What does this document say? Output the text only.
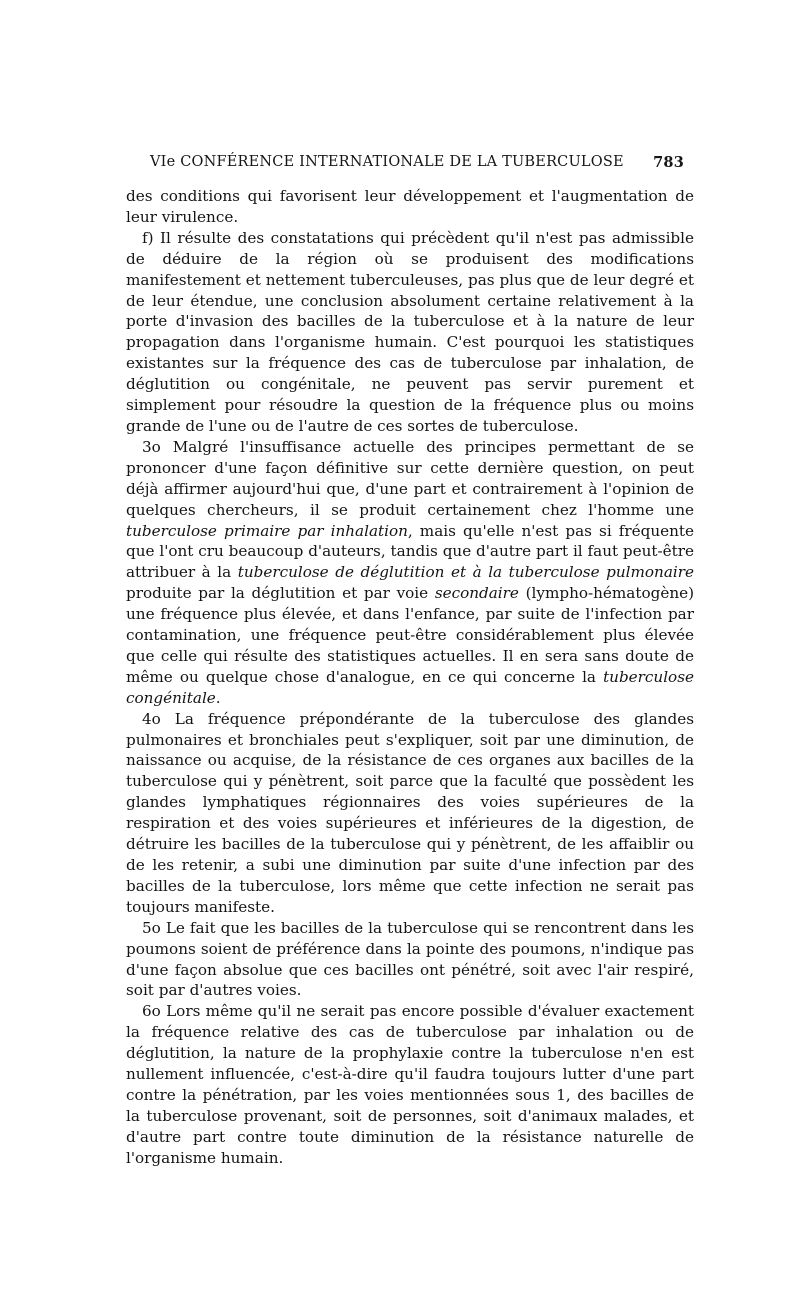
VIe CONFÉRENCE INTERNATIONALE DE LA TUBERCULOSE 783

des conditions qui favorisent leur développement et l'augmentation de leur virulence.

f) Il résulte des constatations qui précèdent qu'il n'est pas admissible de déduire de la région où se produisent des modifications manifestement et nettement tuberculeuses, pas plus que de leur degré et de leur étendue, une conclusion absolument certaine relativement à la porte d'invasion des bacilles de la tuberculose et à la nature de leur propagation dans l'organisme humain. C'est pourquoi les statistiques existantes sur la fréquence des cas de tuberculose par inhalation, de déglutition ou congénitale, ne peuvent pas servir purement et simplement pour résoudre la question de la fréquence plus ou moins grande de l'une ou de l'autre de ces sortes de tuberculose.

3o Malgré l'insuffisance actuelle des principes permettant de se prononcer d'une façon définitive sur cette dernière question, on peut déjà affirmer aujourd'hui que, d'une part et contrairement à l'opinion de quelques chercheurs, il se produit certainement chez l'homme une tuberculose primaire par inhalation, mais qu'elle n'est pas si fréquente que l'ont cru beaucoup d'auteurs, tandis que d'autre part il faut peut-être attribuer à la tuberculose de déglutition et à la tuberculose pulmonaire produite par la déglutition et par voie secondaire (lympho-hématogène) une fréquence plus élevée, et dans l'enfance, par suite de l'infection par contamination, une fréquence peut-être considérablement plus élevée que celle qui résulte des statistiques actuelles. Il en sera sans doute de même ou quelque chose d'analogue, en ce qui concerne la tuberculose congénitale.

4o La fréquence prépondérante de la tuberculose des glandes pulmonaires et bronchiales peut s'expliquer, soit par une diminution, de naissance ou acquise, de la résistance de ces organes aux bacilles de la tuberculose qui y pénètrent, soit parce que la faculté que possèdent les glandes lymphatiques régionnaires des voies supérieures de la respiration et des voies supérieures et inférieures de la digestion, de détruire les bacilles de la tuberculose qui y pénètrent, de les affaiblir ou de les retenir, a subi une diminution par suite d'une infection par des bacilles de la tuberculose, lors même que cette infection ne serait pas toujours manifeste.

5o Le fait que les bacilles de la tuberculose qui se rencontrent dans les poumons soient de préférence dans la pointe des poumons, n'indique pas d'une façon absolue que ces bacilles ont pénétré, soit avec l'air respiré, soit par d'autres voies.

6o Lors même qu'il ne serait pas encore possible d'évaluer exactement la fréquence relative des cas de tuberculose par inhalation ou de déglutition, la nature de la prophylaxie contre la tuberculose n'en est nullement influencée, c'est-à-dire qu'il faudra toujours lutter d'une part contre la pénétration, par les voies mentionnées sous 1, des bacilles de la tuberculose provenant, soit de personnes, soit d'animaux malades, et d'autre part contre toute diminution de la résistance naturelle de l'organisme humain.
